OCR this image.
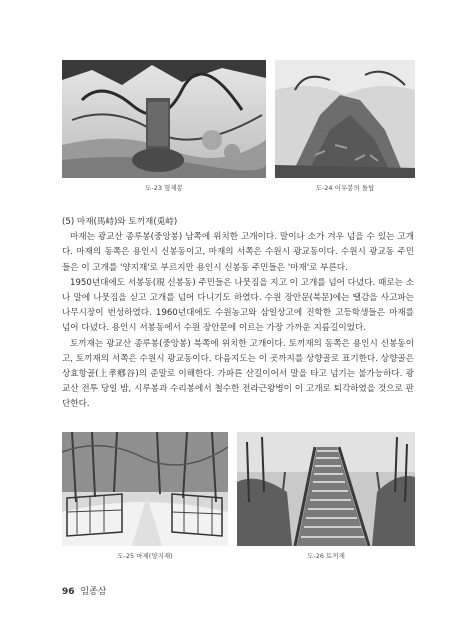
도-23 형제봉	도-24 이우봉의 돌탑

(5) 마재(馬峙)와 토끼재(兎峙)

마재는 광교산 종루봉(중앙봉) 남쪽에 위치한 고개이다. 말이나 소가 겨우 넘을 수 있는 고개다. 마재의 동쪽은 용인시 신봉동이고, 마재의 서쪽은 수원시 광교동이다. 수원시 광교동 주민들은 이 고개를 '양지재'로 부르지만 용인시 신봉동 주민들은 '마재'로 부른다.

1950년대에도 서봉동(現 신봉동) 주민들은 나뭇짐을 지고 이 고개를 넘어 다녔다. 때로는 소나 말에 나뭇짐을 싣고 고개를 넘어 다니기도 하였다. 수원 장안문(북문)에는 땔감을 사고파는 나무시장이 번성하였다. 1960년대에도 수원농고와 삼일상고에 진학한 고등학생들은 마재를 넘어 다녔다. 용인시 서봉동에서 수원 장안문에 이르는 가장 가까운 지름길이었다.

토끼재는 광교산 종루봉(중앙봉) 북쪽에 위치한 고개이다. 토끼재의 동쪽은 용인시 신봉동이고, 토끼재의 서쪽은 수원시 광교동이다. 다음지도는 이 곳까지를 상향골로 표기한다. 상향골은 상효항골(上孝鄕谷)의 준말로 이해한다. 가파른 산길이어서 말을 타고 넘기는 불가능하다. 광교산 전투 당일 밤, 시루봉과 수리봉에서 철수한 전라근왕병이 이 고개로 퇴각하였을 것으로 판단한다.

도-25 마제(양지재)	도-26 토끼재
96 임종삼
